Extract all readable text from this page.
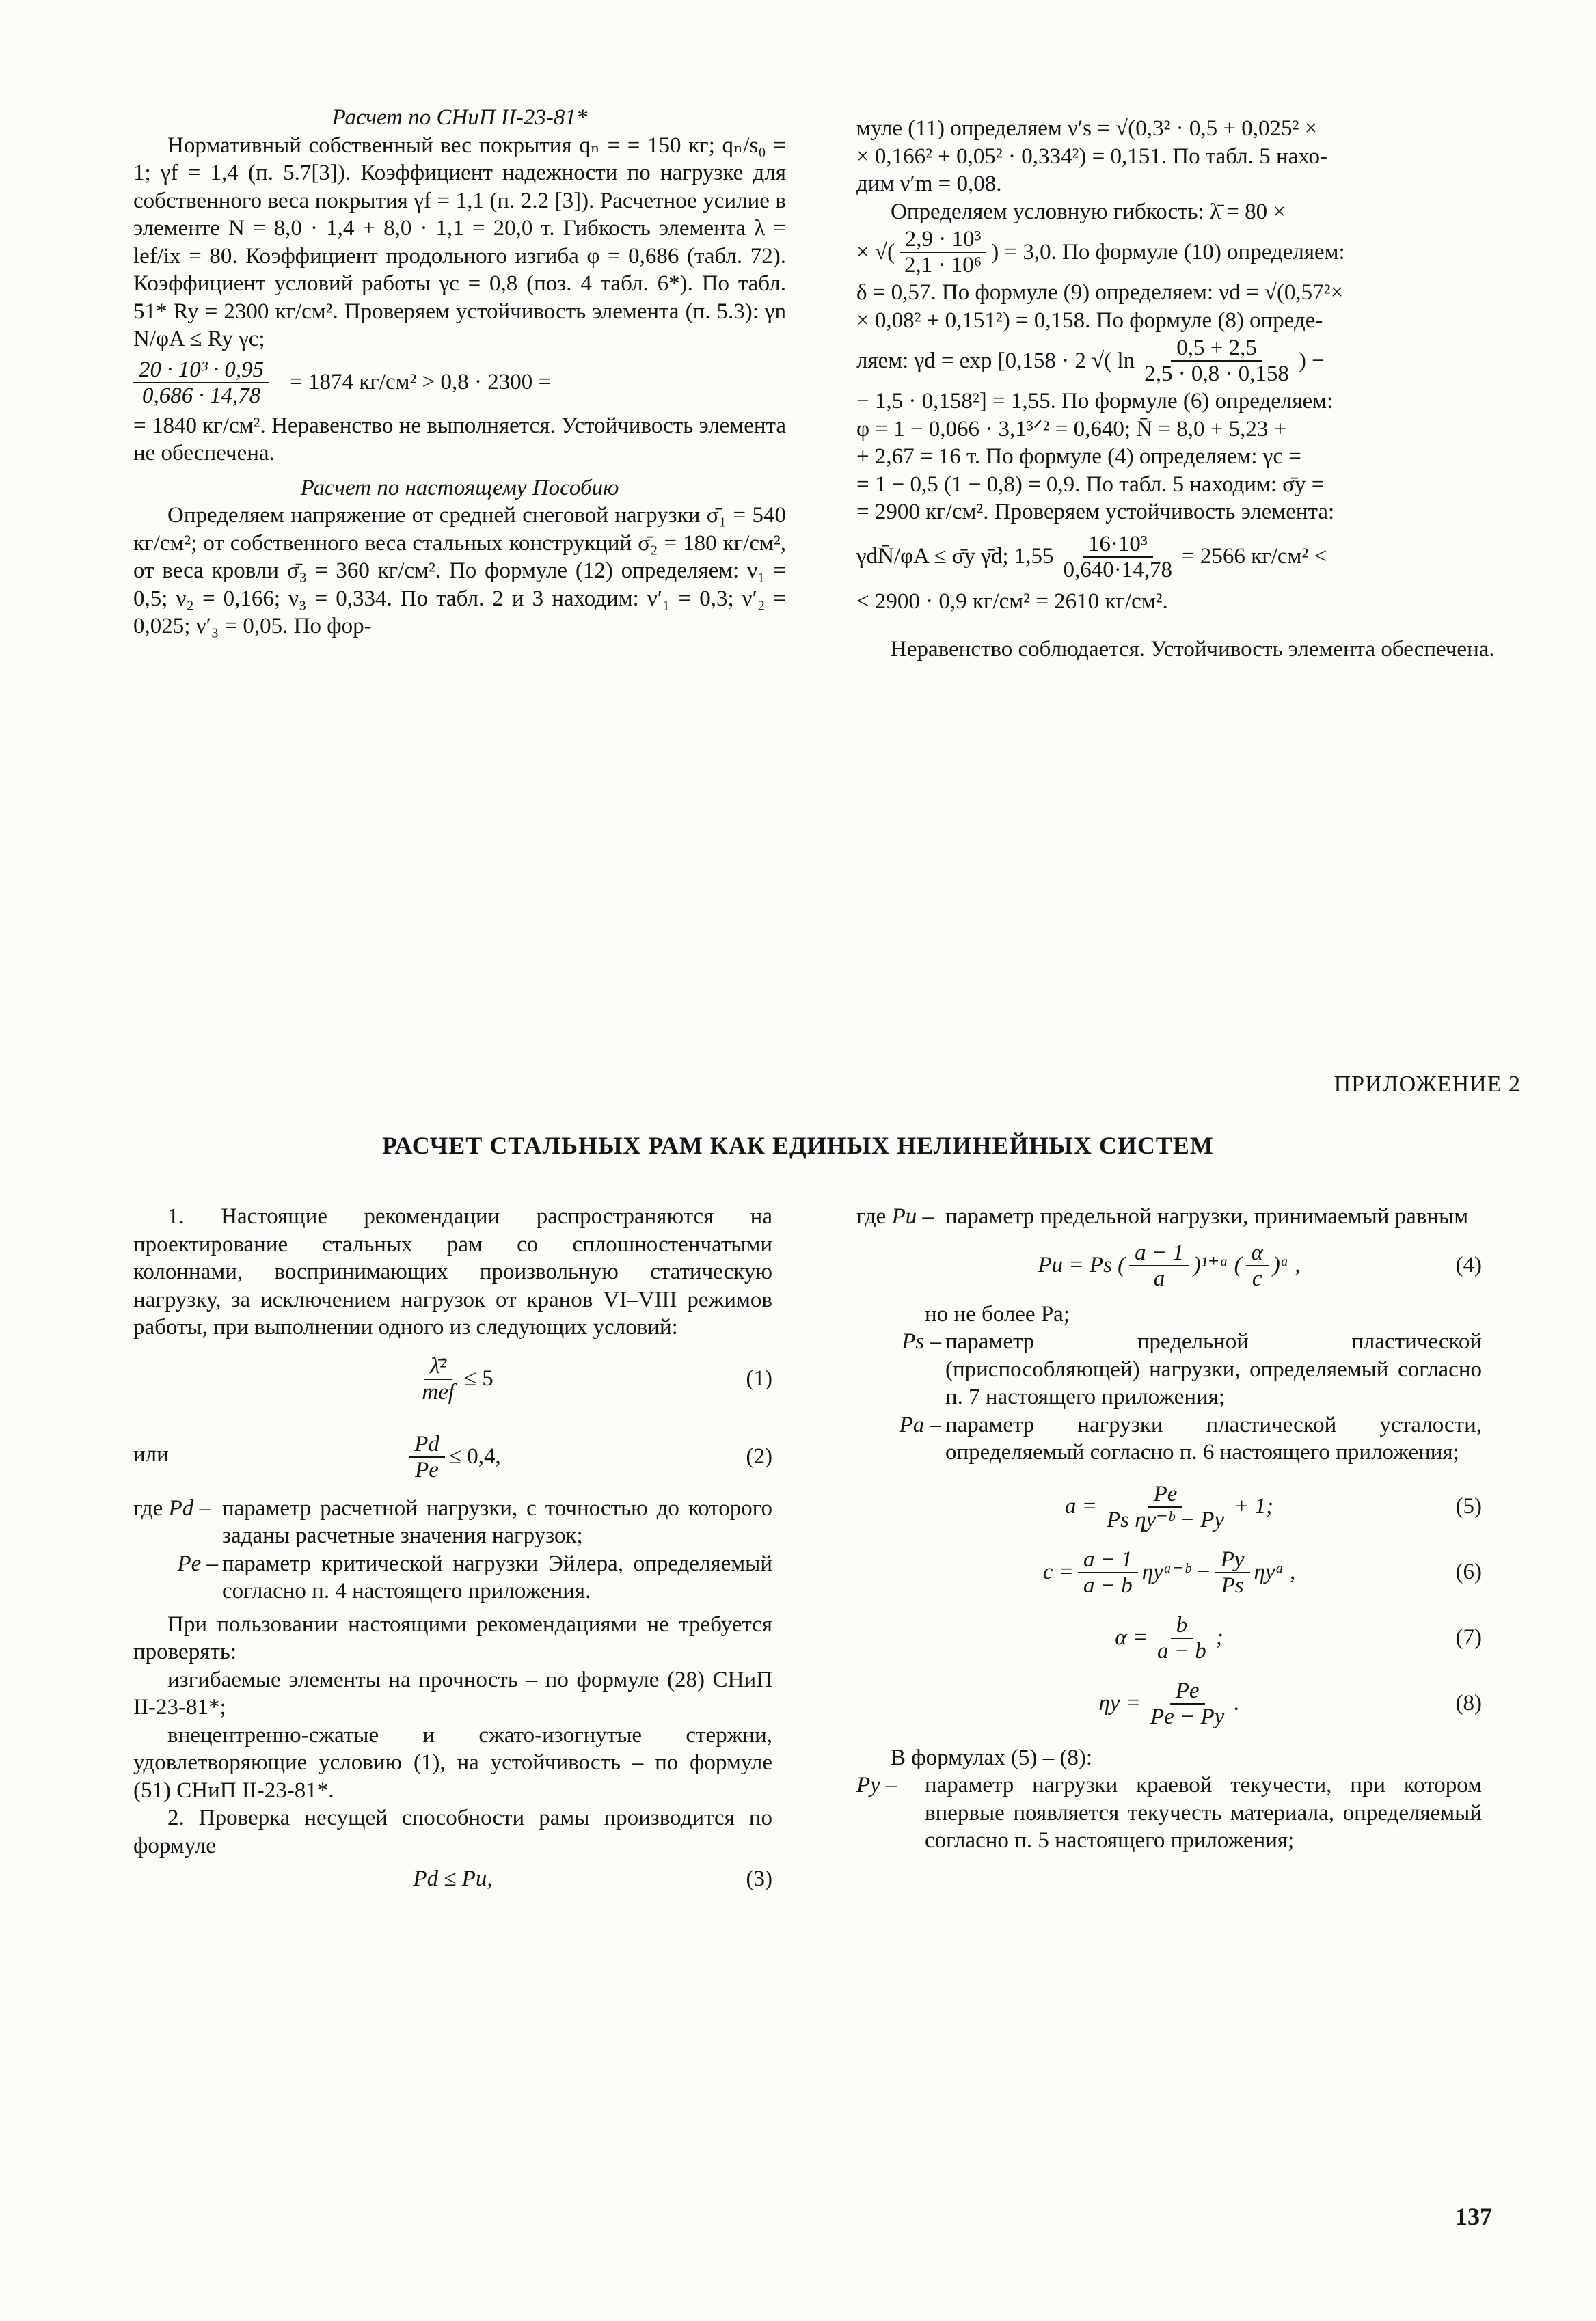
Расчет по СНиП II-23-81*

Нормативный собственный вес покрытия qₙ = = 150 кг; qₙ/s₀ = 1; γf = 1,4 (п. 5.7[3]). Коэффициент надежности по нагрузке для собственного веса покрытия γf = 1,1 (п. 2.2 [3]). Расчетное усилие в элементе N = 8,0 · 1,4 + 8,0 · 1,1 = 20,0 т. Гибкость элемента λ = lef/ix = 80. Коэффициент продольного изгиба φ = 0,686 (табл. 72). Коэффициент условий работы γc = 0,8 (поз. 4 табл. 6*). По табл. 51* Ry = 2300 кг/см². Проверяем устойчивость элемента (п. 5.3): γn N/φA ≤ Ry γc;

$\frac{\text{20 · 10³ · 0,95}}{0,686 \cdot 14,78} = 1874$ кг/см² > 0,8 · 2300 =

= 1840 кг/см². Неравенство не выполняется. Устойчивость элемента не обеспечена.

Расчет по настоящему Пособию

Определяем напряжение от средней снеговой нагрузки σ̄₁ = 540 кг/см²; от собственного веса стальных конструкций σ̄₂ = 180 кг/см², от веса кровли σ̄₃ = 360 кг/см². По формуле (12) определяем: ν₁ = 0,5; ν₂ = 0,166; ν₃ = 0,334. По табл. 2 и 3 находим: ν′₁ = 0,3; ν′₂ = 0,025; ν′₃ = 0,05. По фор-

муле (11) определяем ν′s = √(0,3² · 0,5 + 0,025² ×

× 0,166² + 0,05² · 0,334²) = 0,151. По табл. 5 нахо-

дим ν′m = 0,08.

Определяем условную гибкость: λ̄ = 80 ×

× √( $\frac{\text{2,9 · 10³}}{\text{2,1 · 10⁶}}$ ) = 3,0. По формуле (10) определяем:

δ = 0,57. По формуле (9) определяем: νd = √(0,57²×

× 0,08² + 0,151²) = 0,158. По формуле (8) опреде-

ляем: γd = exp [0,158 · 2 √( $\ln \frac{0,5 + 2,5}{2,5 \cdot 0,8 \cdot 0,158}$ ) −

− 1,5 · 0,158²] = 1,55. По формуле (6) определяем:

φ = 1 − 0,066 · 3,1³ᐟ² = 0,640; N̄ = 8,0 + 5,23 +

+ 2,67 = 16 т. По формуле (4) определяем: γc =

= 1 − 0,5 (1 − 0,8) = 0,9. По табл. 5 находим: σ̄y =

= 2900 кг/см². Проверяем устойчивость элемента:

γdN̄/φA ≤ σ̄y γ̄d; $1,55 \frac{\text{16·10³}}{0,640\cdot 14,78} = 2566$ кг/см² <

< 2900 · 0,9 кг/см² = 2610 кг/см².

Неравенство соблюдается. Устойчивость элемента обеспечена.

ПРИЛОЖЕНИЕ 2
РАСЧЕТ СТАЛЬНЫХ РАМ КАК ЕДИНЫХ НЕЛИНЕЙНЫХ СИСТЕМ

1. Настоящие рекомендации распространяются на проектирование стальных рам со сплошностенчатыми колоннами, воспринимающих произвольную статическую нагрузку, за исключением нагрузок от кранов VI–VIII режимов работы, при выполнении одного из следующих условий:

$\frac{\text{λ̄²}}{\text{mef}} \le 5$	(1)
$\frac{Pd}{Pe} \le 0,4$,	(2)
где Pd – параметр расчетной нагрузки, с точностью до которого заданы расчетные значения нагрузок;
Pe – параметр критической нагрузки Эйлера, определяемый согласно п. 4 настоящего приложения.

При пользовании настоящими рекомендациями не требуется проверять:

изгибаемые элементы на прочность – по формуле (28) СНиП II-23-81*;

внецентренно-сжатые и сжато-изогнутые стержни, удовлетворяющие условию (1), на устойчивость – по формуле (51) СНиП II-23-81*.

2. Проверка несущей способности рамы производится по формуле

Pd ≤ Pu,	(3)
или
где Pu – параметр предельной нагрузки, принимаемый равным
Pu = Ps ( $\frac{a - 1}{a}$ )¹⁺ᵅ ( $\frac{\alpha}{c}$ )ᵅ ,	(4)

но не более Pa;

Ps – параметр предельной пластической (приспособляющей) нагрузки, определяемый согласно п. 7 настоящего приложения;
Pa – параметр нагрузки пластической усталости, определяемый согласно п. 6 настоящего приложения;
$a = \frac{Pe}{\text{Ps ηy⁻ᵇ − Py}} + 1$;	(5)
$c = \frac{a - 1}{a - b}$ ηyᵃ⁻ᵇ − $\frac{Py}{Ps}$ ηyᵃ ,	(6)
$\alpha = \frac{b}{a - b}$ ;	(7)
$\eta y = \frac{Pe}{Pe - Py}$ .	(8)

В формулах (5) – (8):

Py –	параметр нагрузки краевой текучести, при котором впервые появляется текучесть материала, определяемый согласно п. 5 настоящего приложения;
137
